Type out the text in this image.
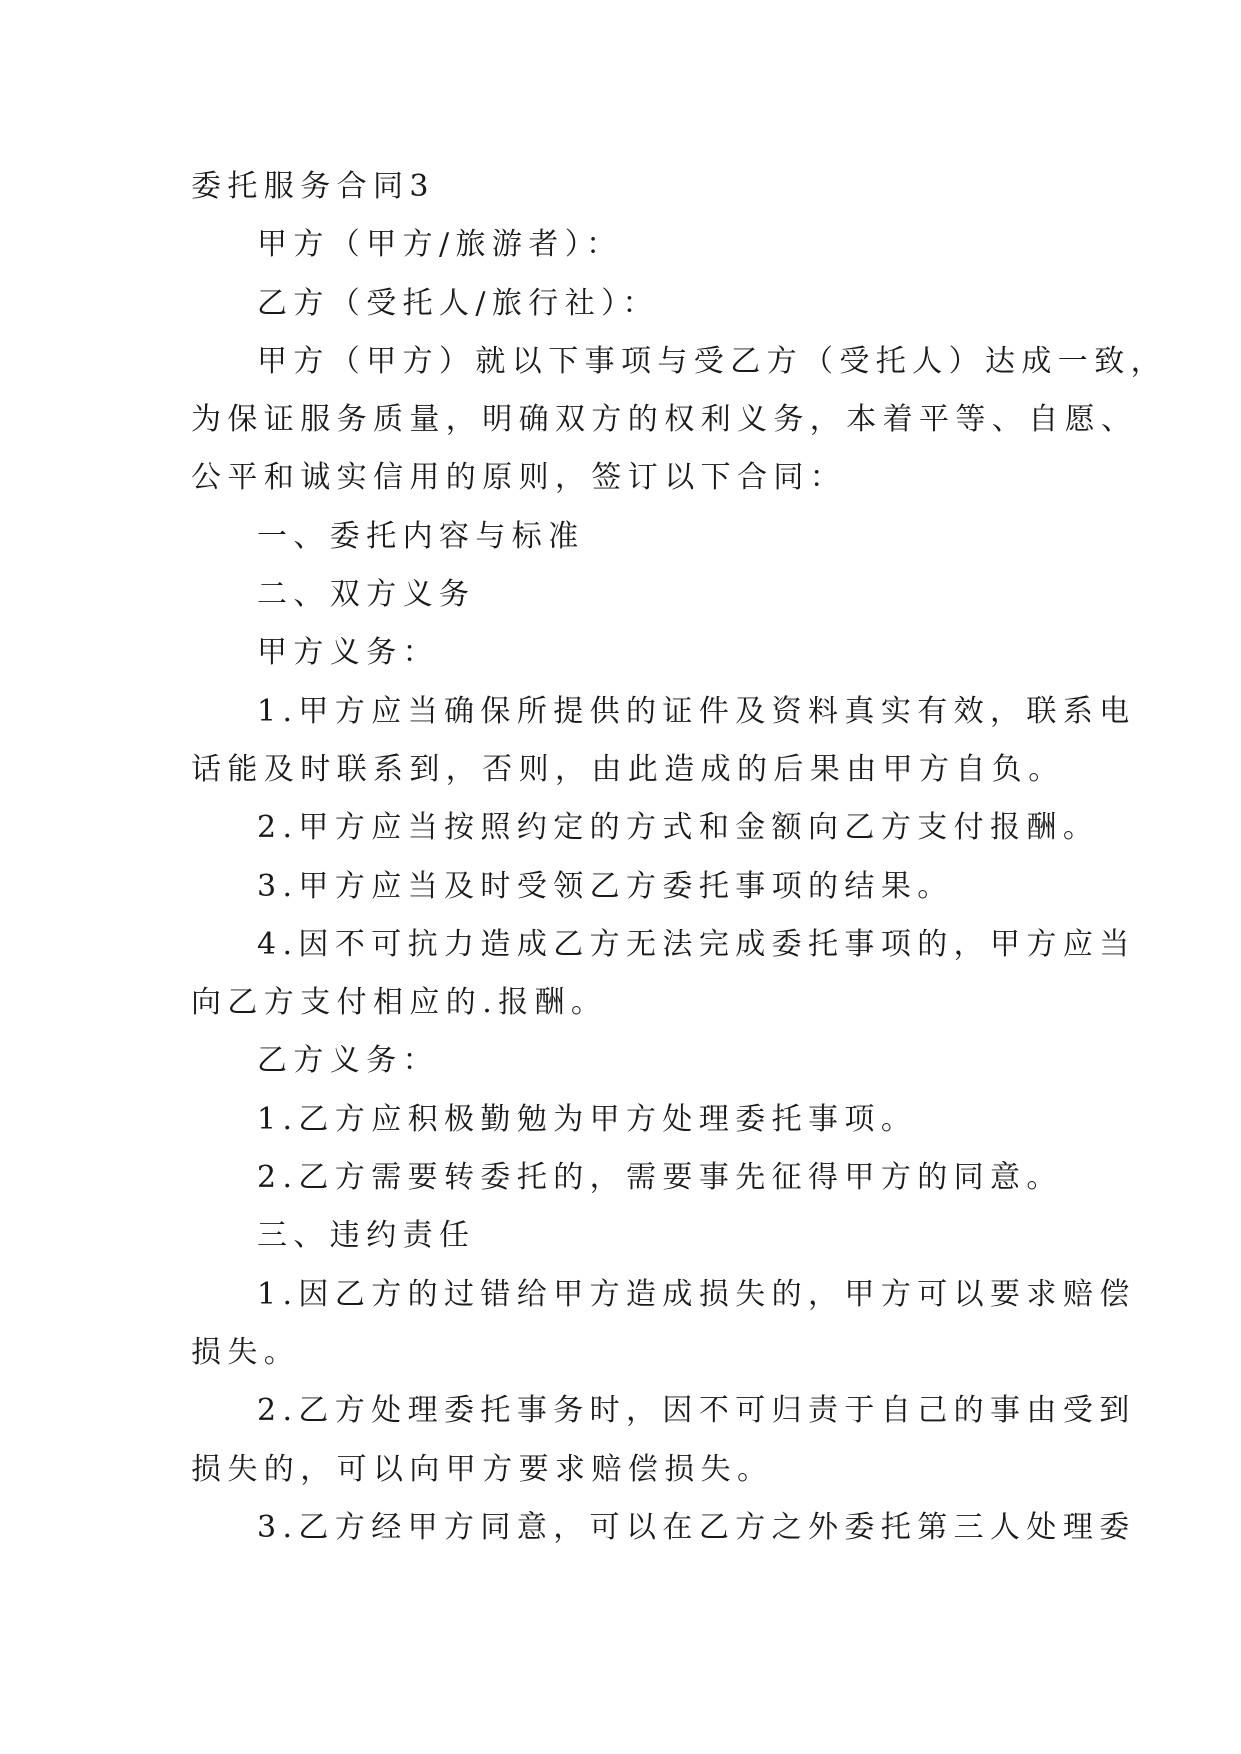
委托服务合同3

甲方（甲方/旅游者）：

乙方（受托人/旅行社）：

甲方（甲方）就以下事项与受乙方（受托人）达成一致，

为保证服务质量，明确双方的权利义务，本着平等、自愿、

公平和诚实信用的原则，签订以下合同：

一、委托内容与标准

二、双方义务

甲方义务：

1.甲方应当确保所提供的证件及资料真实有效，联系电

话能及时联系到，否则，由此造成的后果由甲方自负。

2.甲方应当按照约定的方式和金额向乙方支付报酬。

3.甲方应当及时受领乙方委托事项的结果。

4.因不可抗力造成乙方无法完成委托事项的，甲方应当

向乙方支付相应的.报酬。

乙方义务：

1.乙方应积极勤勉为甲方处理委托事项。

2.乙方需要转委托的，需要事先征得甲方的同意。

三、违约责任

1.因乙方的过错给甲方造成损失的，甲方可以要求赔偿

损失。

2.乙方处理委托事务时，因不可归责于自己的事由受到

损失的，可以向甲方要求赔偿损失。

3.乙方经甲方同意，可以在乙方之外委托第三人处理委
